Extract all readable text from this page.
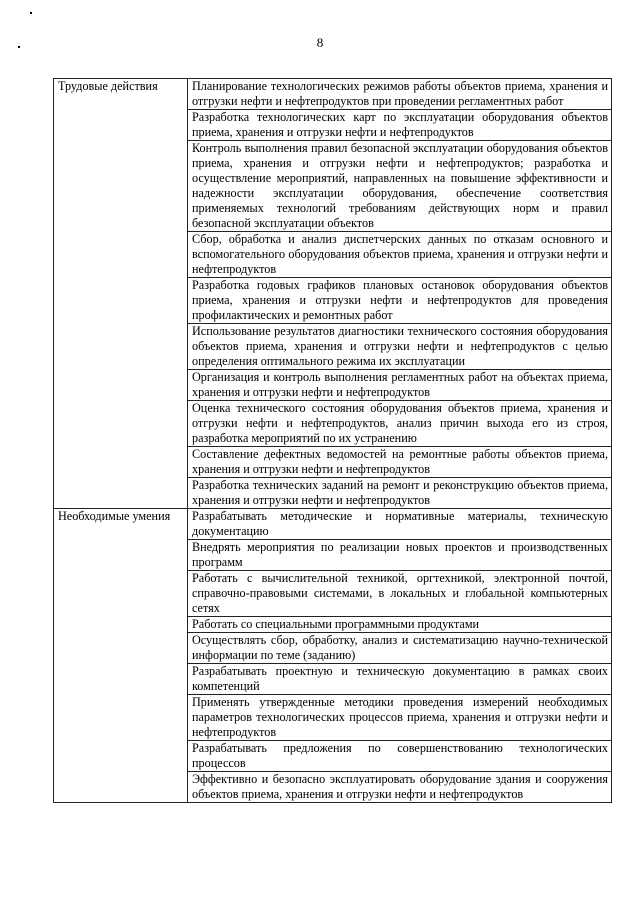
8
Трудовые действия	Планирование технологических режимов работы объектов приема, хранения и отгрузки нефти и нефтепродуктов при проведении регламентных работ
	Разработка технологических карт по эксплуатации оборудования объектов приема, хранения и отгрузки нефти и нефтепродуктов
	Контроль выполнения правил безопасной эксплуатации оборудования объектов приема, хранения и отгрузки нефти и нефтепродуктов; разработка и осуществление мероприятий, направленных на повышение эффективности и надежности эксплуатации оборудования, обеспечение соответствия применяемых технологий требованиям действующих норм и правил безопасной эксплуатации объектов
	Сбор, обработка и анализ диспетчерских данных по отказам основного и вспомогательного оборудования объектов приема, хранения и отгрузки нефти и нефтепродуктов
	Разработка годовых графиков плановых остановок оборудования объектов приема, хранения и отгрузки нефти и нефтепродуктов для проведения профилактических и ремонтных работ
	Использование результатов диагностики технического состояния оборудования объектов приема, хранения и отгрузки нефти и нефтепродуктов с целью определения оптимального режима их эксплуатации
	Организация и контроль выполнения регламентных работ на объектах приема, хранения и отгрузки нефти и нефтепродуктов
	Оценка технического состояния оборудования объектов приема, хранения и отгрузки нефти и нефтепродуктов, анализ причин выхода его из строя, разработка мероприятий по их устранению
	Составление дефектных ведомостей на ремонтные работы объектов приема, хранения и отгрузки нефти и нефтепродуктов
	Разработка технических заданий на ремонт и реконструкцию объектов приема, хранения и отгрузки нефти и нефтепродуктов
Необходимые умения	Разрабатывать методические и нормативные материалы, техническую документацию
	Внедрять мероприятия по реализации новых проектов и производственных программ
	Работать с вычислительной техникой, оргтехникой, электронной почтой, справочно-правовыми системами, в локальных и глобальной компьютерных сетях
	Работать со специальными программными продуктами
	Осуществлять сбор, обработку, анализ и систематизацию научно-технической информации по теме (заданию)
	Разрабатывать проектную и техническую документацию в рамках своих компетенций
	Применять утвержденные методики проведения измерений необходимых параметров технологических процессов приема, хранения и отгрузки нефти и нефтепродуктов
	Разрабатывать предложения по совершенствованию технологических процессов
	Эффективно и безопасно эксплуатировать оборудование здания и сооружения объектов приема, хранения и отгрузки нефти и нефтепродуктов
